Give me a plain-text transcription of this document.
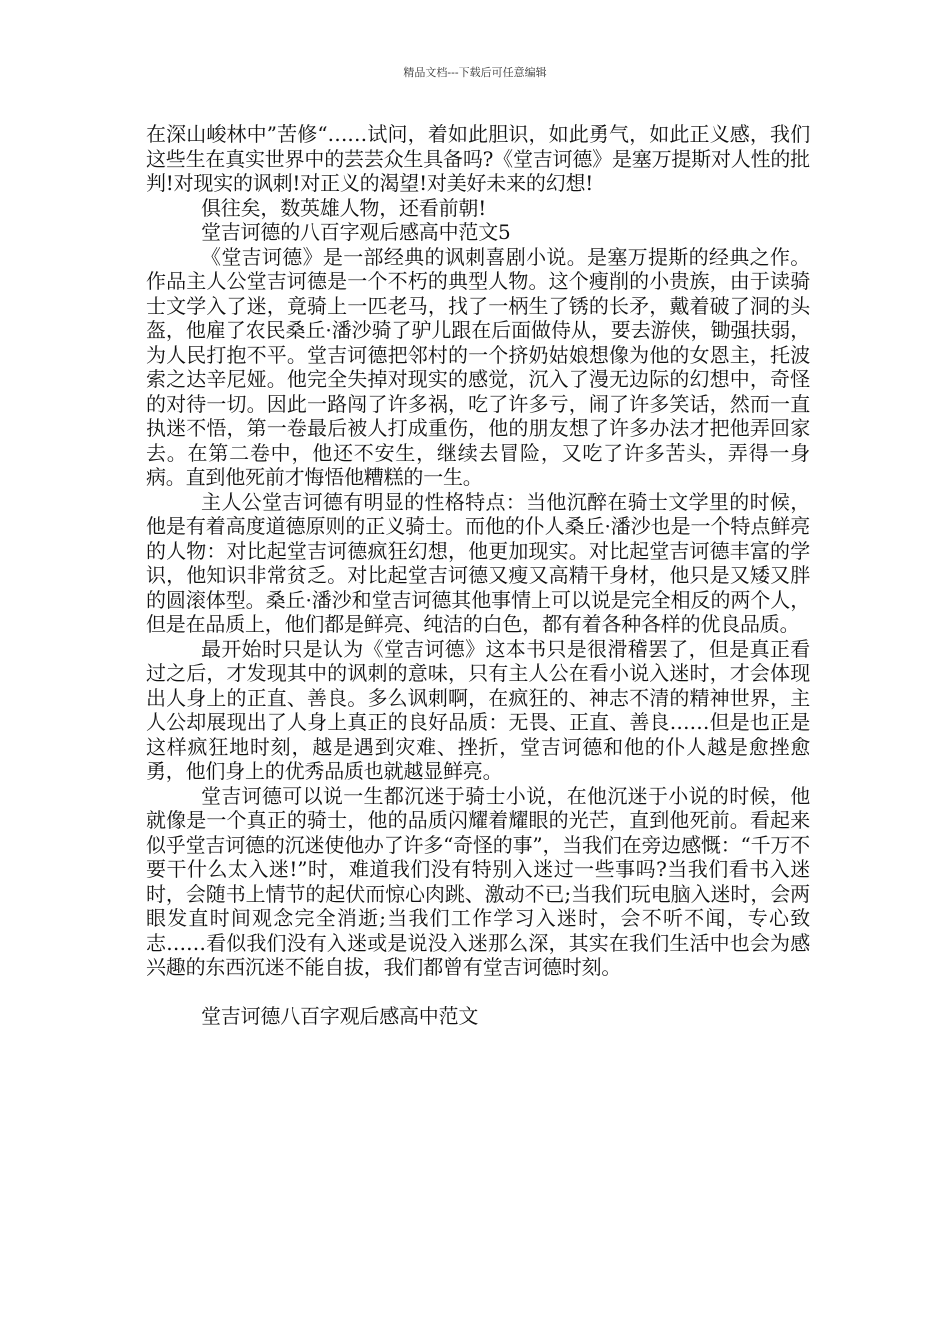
精品文档---下载后可任意编辑

在深山峻林中”苦修“……试问，着如此胆识，如此勇气，如此正义感，我们这些生在真实世界中的芸芸众生具备吗?《堂吉诃德》是塞万提斯对人性的批判!对现实的讽刺!对正义的渴望!对美好未来的幻想!

俱往矣，数英雄人物，还看前朝!

堂吉诃德的八百字观后感高中范文5

《堂吉诃德》是一部经典的讽刺喜剧小说。是塞万提斯的经典之作。作品主人公堂吉诃德是一个不朽的典型人物。这个瘦削的小贵族，由于读骑士文学入了迷，竟骑上一匹老马，找了一柄生了锈的长矛，戴着破了洞的头盔，他雇了农民桑丘·潘沙骑了驴儿跟在后面做侍从，要去游侠，锄强扶弱，为人民打抱不平。堂吉诃德把邻村的一个挤奶姑娘想像为他的女恩主，托波索之达辛尼娅。他完全失掉对现实的感觉，沉入了漫无边际的幻想中，奇怪的对待一切。因此一路闯了许多祸，吃了许多亏，闹了许多笑话，然而一直执迷不悟，第一卷最后被人打成重伤，他的朋友想了许多办法才把他弄回家去。在第二卷中，他还不安生，继续去冒险，又吃了许多苦头，弄得一身病。直到他死前才悔悟他糟糕的一生。

主人公堂吉诃德有明显的性格特点：当他沉醉在骑士文学里的时候，他是有着高度道德原则的正义骑士。而他的仆人桑丘·潘沙也是一个特点鲜亮的人物：对比起堂吉诃德疯狂幻想，他更加现实。对比起堂吉诃德丰富的学识，他知识非常贫乏。对比起堂吉诃德又瘦又高精干身材，他只是又矮又胖的圆滚体型。桑丘·潘沙和堂吉诃德其他事情上可以说是完全相反的两个人，但是在品质上，他们都是鲜亮、纯洁的白色，都有着各种各样的优良品质。

最开始时只是认为《堂吉诃德》这本书只是很滑稽罢了，但是真正看过之后，才发现其中的讽刺的意味，只有主人公在看小说入迷时，才会体现出人身上的正直、善良。多么讽刺啊，在疯狂的、神志不清的精神世界，主人公却展现出了人身上真正的良好品质：无畏、正直、善良……但是也正是这样疯狂地时刻，越是遇到灾难、挫折，堂吉诃德和他的仆人越是愈挫愈勇，他们身上的优秀品质也就越显鲜亮。

堂吉诃德可以说一生都沉迷于骑士小说，在他沉迷于小说的时候，他就像是一个真正的骑士，他的品质闪耀着耀眼的光芒，直到他死前。看起来似乎堂吉诃德的沉迷使他办了许多“奇怪的事”，当我们在旁边感慨：“千万不要干什么太入迷!”时，难道我们没有特别入迷过一些事吗?当我们看书入迷时，会随书上情节的起伏而惊心肉跳、激动不已;当我们玩电脑入迷时，会两眼发直时间观念完全消逝;当我们工作学习入迷时，会不听不闻，专心致志……看似我们没有入迷或是说没入迷那么深，其实在我们生活中也会为感兴趣的东西沉迷不能自拔，我们都曾有堂吉诃德时刻。

堂吉诃德八百字观后感高中范文
